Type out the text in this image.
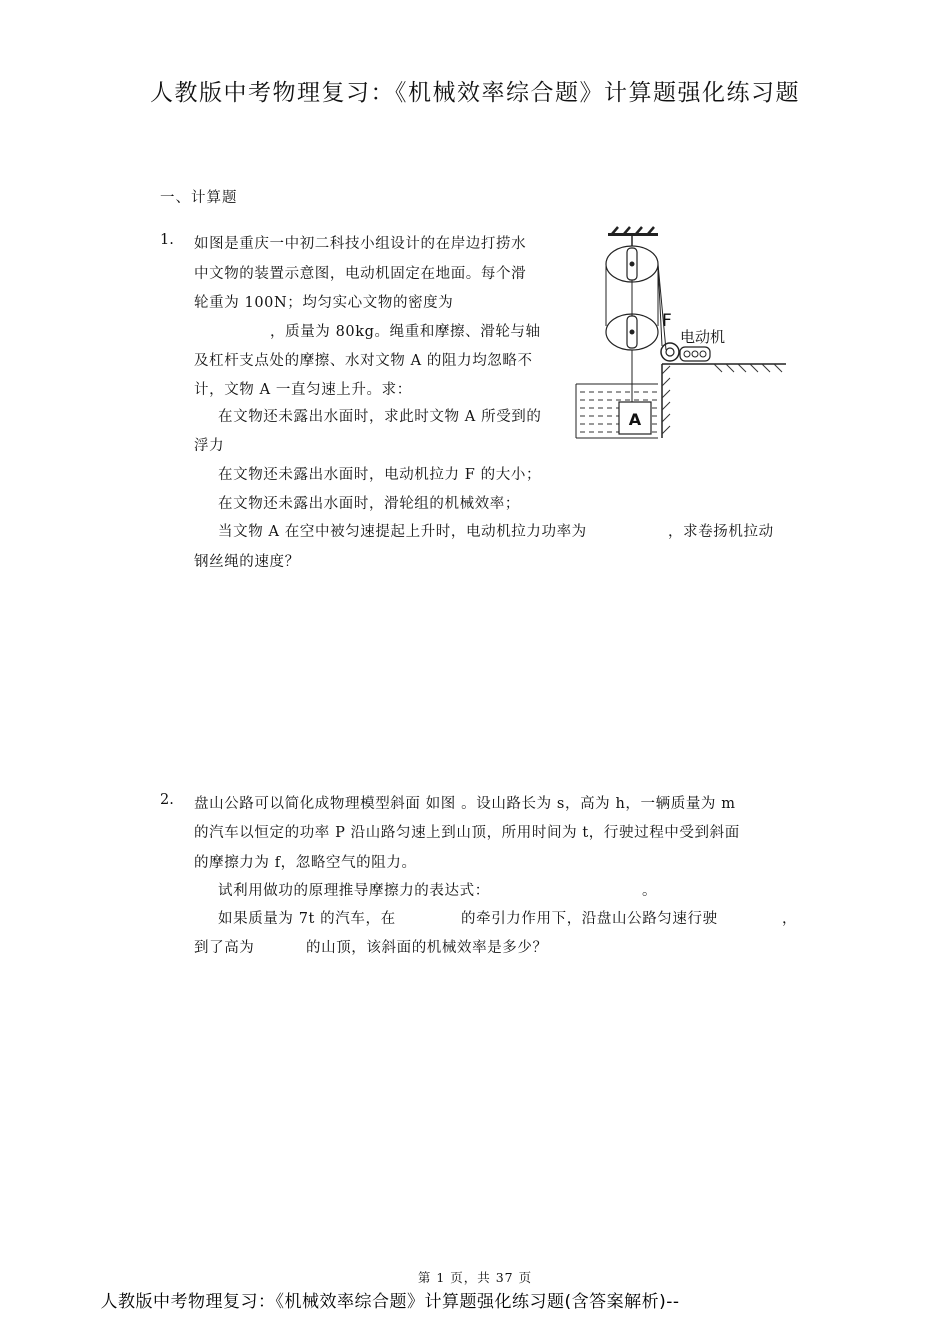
人教版中考物理复习：《机械效率综合题》计算题强化练习题
一、计算题
1. 如图是重庆一中初二科技小组设计的在岸边打捞水
中文物的装置示意图，电动机固定在地面。每个滑
轮重为 100N；均匀实心文物的密度为
，质量为 80kg。绳重和摩擦、滑轮与轴
及杠杆支点处的摩擦、水对文物 A 的阻力均忽略不
计，文物 A 一直匀速上升。求：
在文物还未露出水面时，求此时文物 A 所受到的
浮力
在文物还未露出水面时，电动机拉力 F 的大小；
在文物还未露出水面时，滑轮组的机械效率；
当文物 A 在空中被匀速提起上升时，电动机拉力功率为	，求卷扬机拉动
钢丝绳的速度？
A
F
电动机
2. 盘山公路可以简化成物理模型斜面 如图 。设山路长为 s，高为 h，一辆质量为 m
的汽车以恒定的功率 P 沿山路匀速上到山顶，所用时间为 t，行驶过程中受到斜面
的摩擦力为 f，忽略空气的阻力。
试利用做功的原理推导摩擦力的表达式：	。
如果质量为 7t 的汽车，在	的牵引力作用下，沿盘山公路匀速行驶	，
到了高为	的山顶，该斜面的机械效率是多少？
第 1 页，共 37 页
人教版中考物理复习：《机械效率综合题》计算题强化练习题(含答案解析)--
